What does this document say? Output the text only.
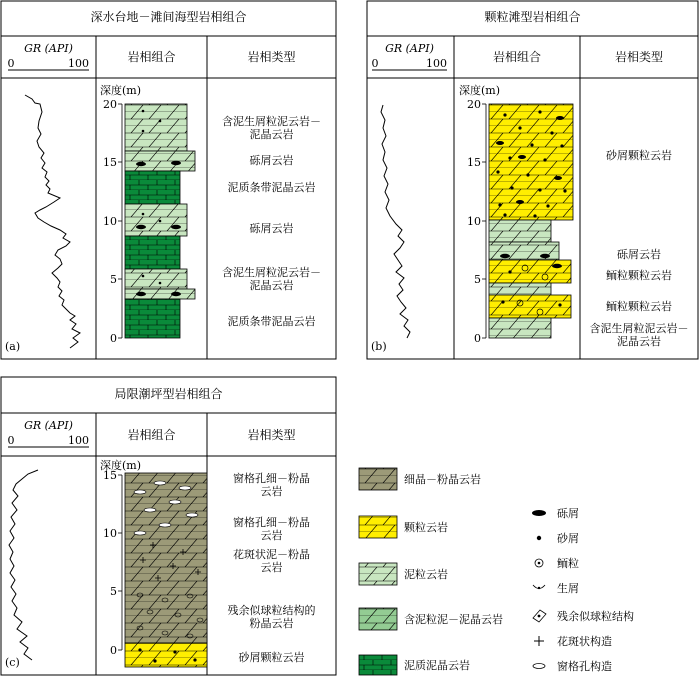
深水台地－滩间海型岩相组合
GR (API)
0	100	岩相组合	岩相类型
深度(m)
20
15
10
5
0
含泥生屑粒泥云岩－
泥晶云岩
砾屑云岩
泥质条带泥晶云岩
砾屑云岩
含泥生屑粒泥云岩－
泥晶云岩
泥质条带泥晶云岩
(a)
颗粒滩型岩相组合
GR (API)
0	100	岩相组合	岩相类型
深度(m)
20
15
10
5
0
砂屑颗粒云岩
砾屑云岩
鲕粒颗粒云岩
鲕粒颗粒云岩
含泥生屑粒泥云岩－
泥晶云岩
(b)
局限潮坪型岩相组合
GR (API)
0	100	岩相组合	岩相类型
深度(m)
15
10
5
0
窗格孔细－粉晶
云岩
窗格孔细－粉晶
云岩
花斑状泥－粉晶
云岩
残余似球粒结构的
粉晶云岩
砂屑颗粒云岩
(c)
细晶－粉晶云岩
颗粒云岩
泥粒云岩
含泥粒泥－泥晶云岩
泥质泥晶云岩
砾屑
砂屑
鲕粒
生屑
残余似球粒结构
花斑状构造
窗格孔构造
